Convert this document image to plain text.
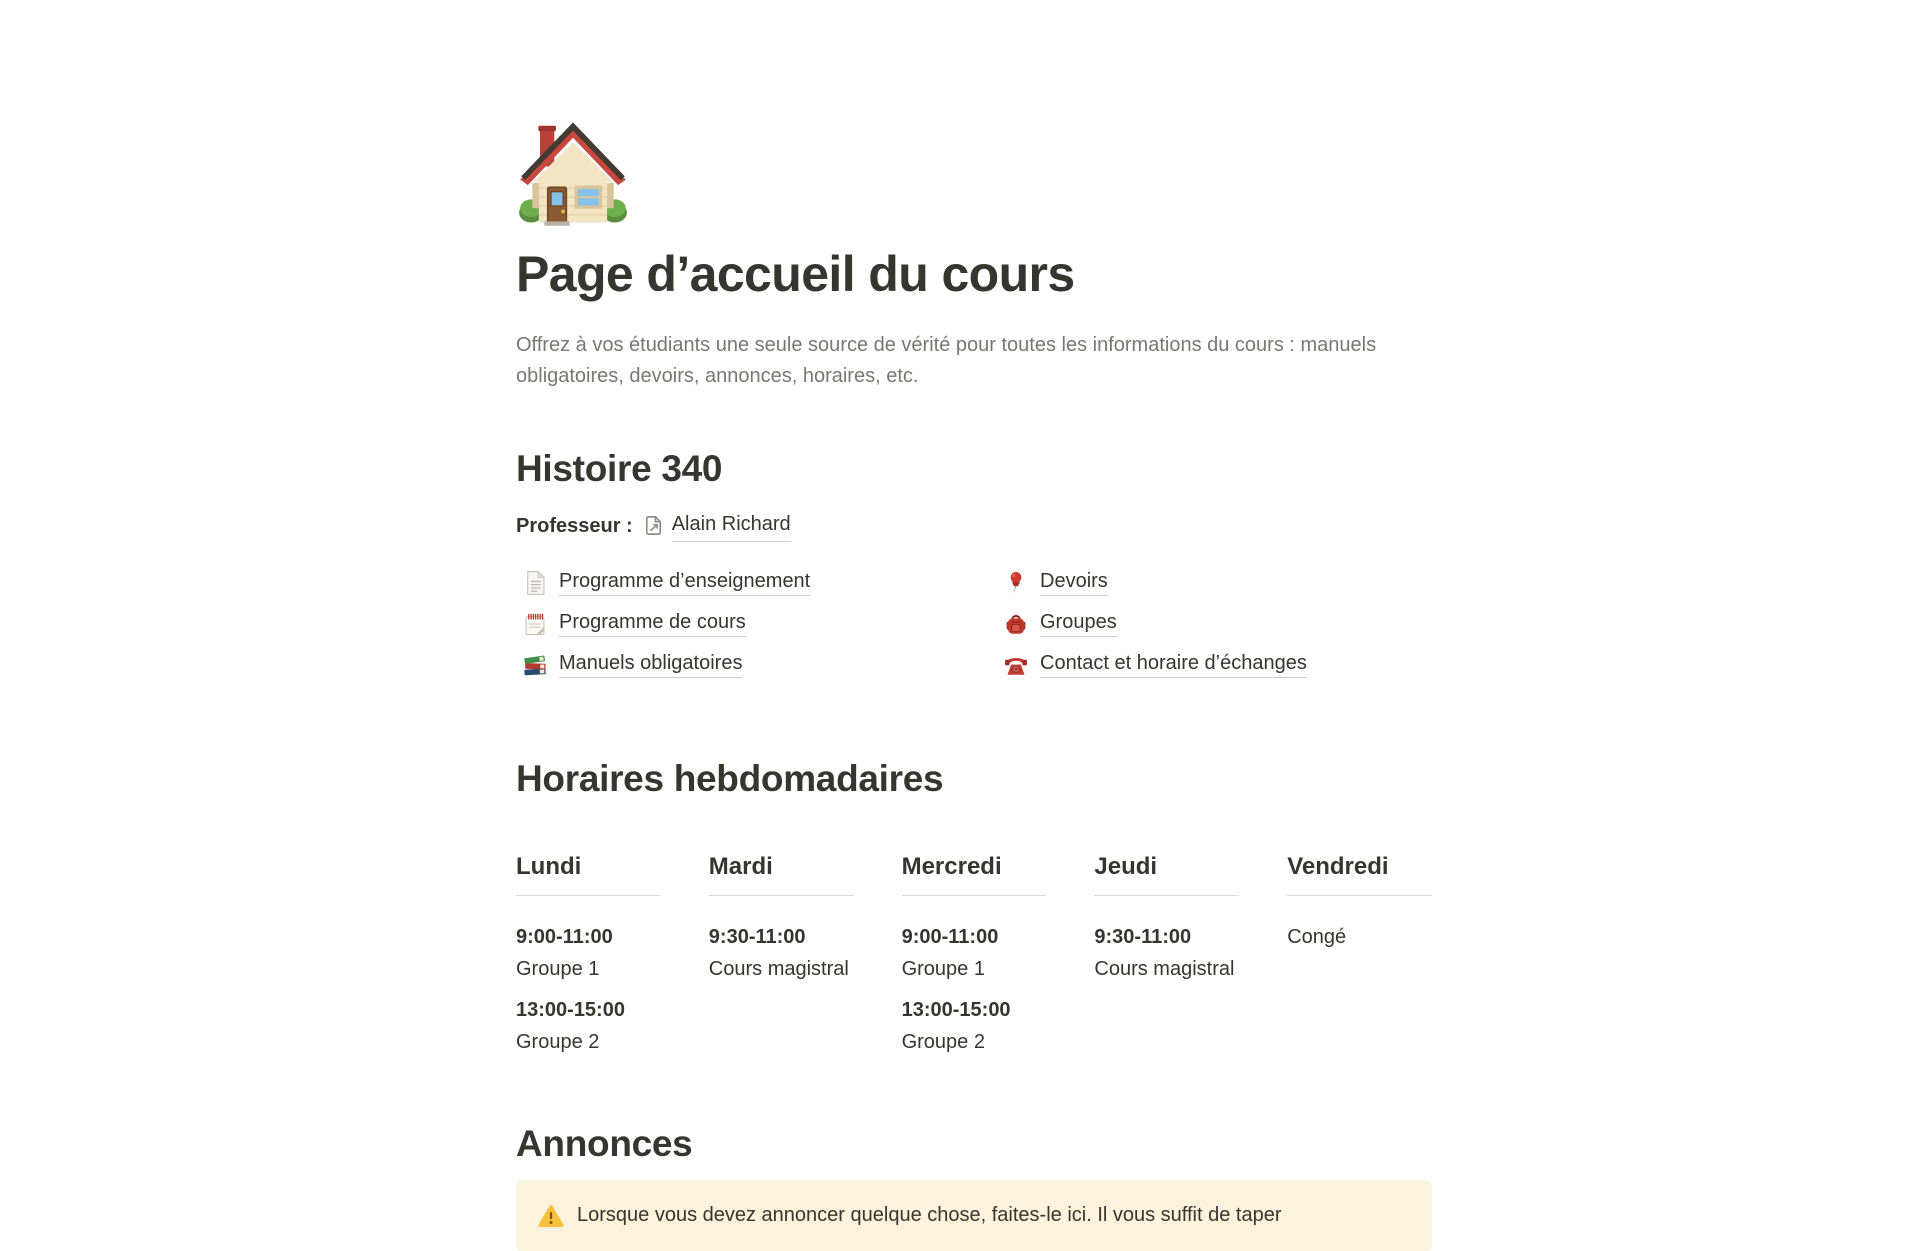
Page d’accueil du cours

Offrez à vos étudiants une seule source de vérité pour toutes les informations du cours : manuels obligatoires, devoirs, annonces, horaires, etc.

Histoire 340

Professeur : Alain Richard

Programme d’enseignement
Programme de cours
Manuels obligatoires
Devoirs
Groupes
Contact et horaire d’échanges
Horaires hebdomadaires
Lundi
9:00-11:00
Groupe 1
13:00-15:00
Groupe 2
Mardi
9:30-11:00
Cours magistral
Mercredi
9:00-11:00
Groupe 1
13:00-15:00
Groupe 2
Jeudi
9:30-11:00
Cours magistral
Vendredi
Congé
Annonces

Lorsque vous devez annoncer quelque chose, faites-le ici. Il vous suffit de taper
